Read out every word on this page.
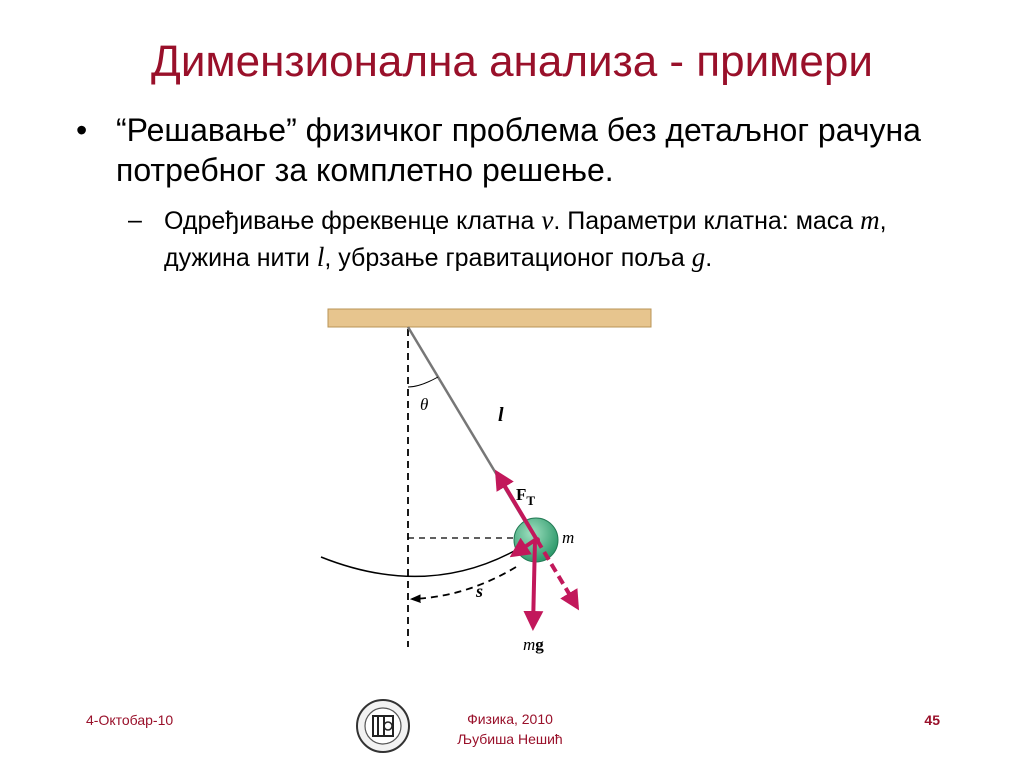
Димензионална анализа - примери
• “Решавање” физичког проблема без детаљног рачуна потребног за комплетно решење.
– Одређивање фреквенце клатна ν. Параметри клатна: маса m, дужина нити l, убрзање гравитационог поља g.
θ	l
s
$F_T$
mg
m
4-Октобар-10	Физика, 2010
Љубиша Нешић
45
